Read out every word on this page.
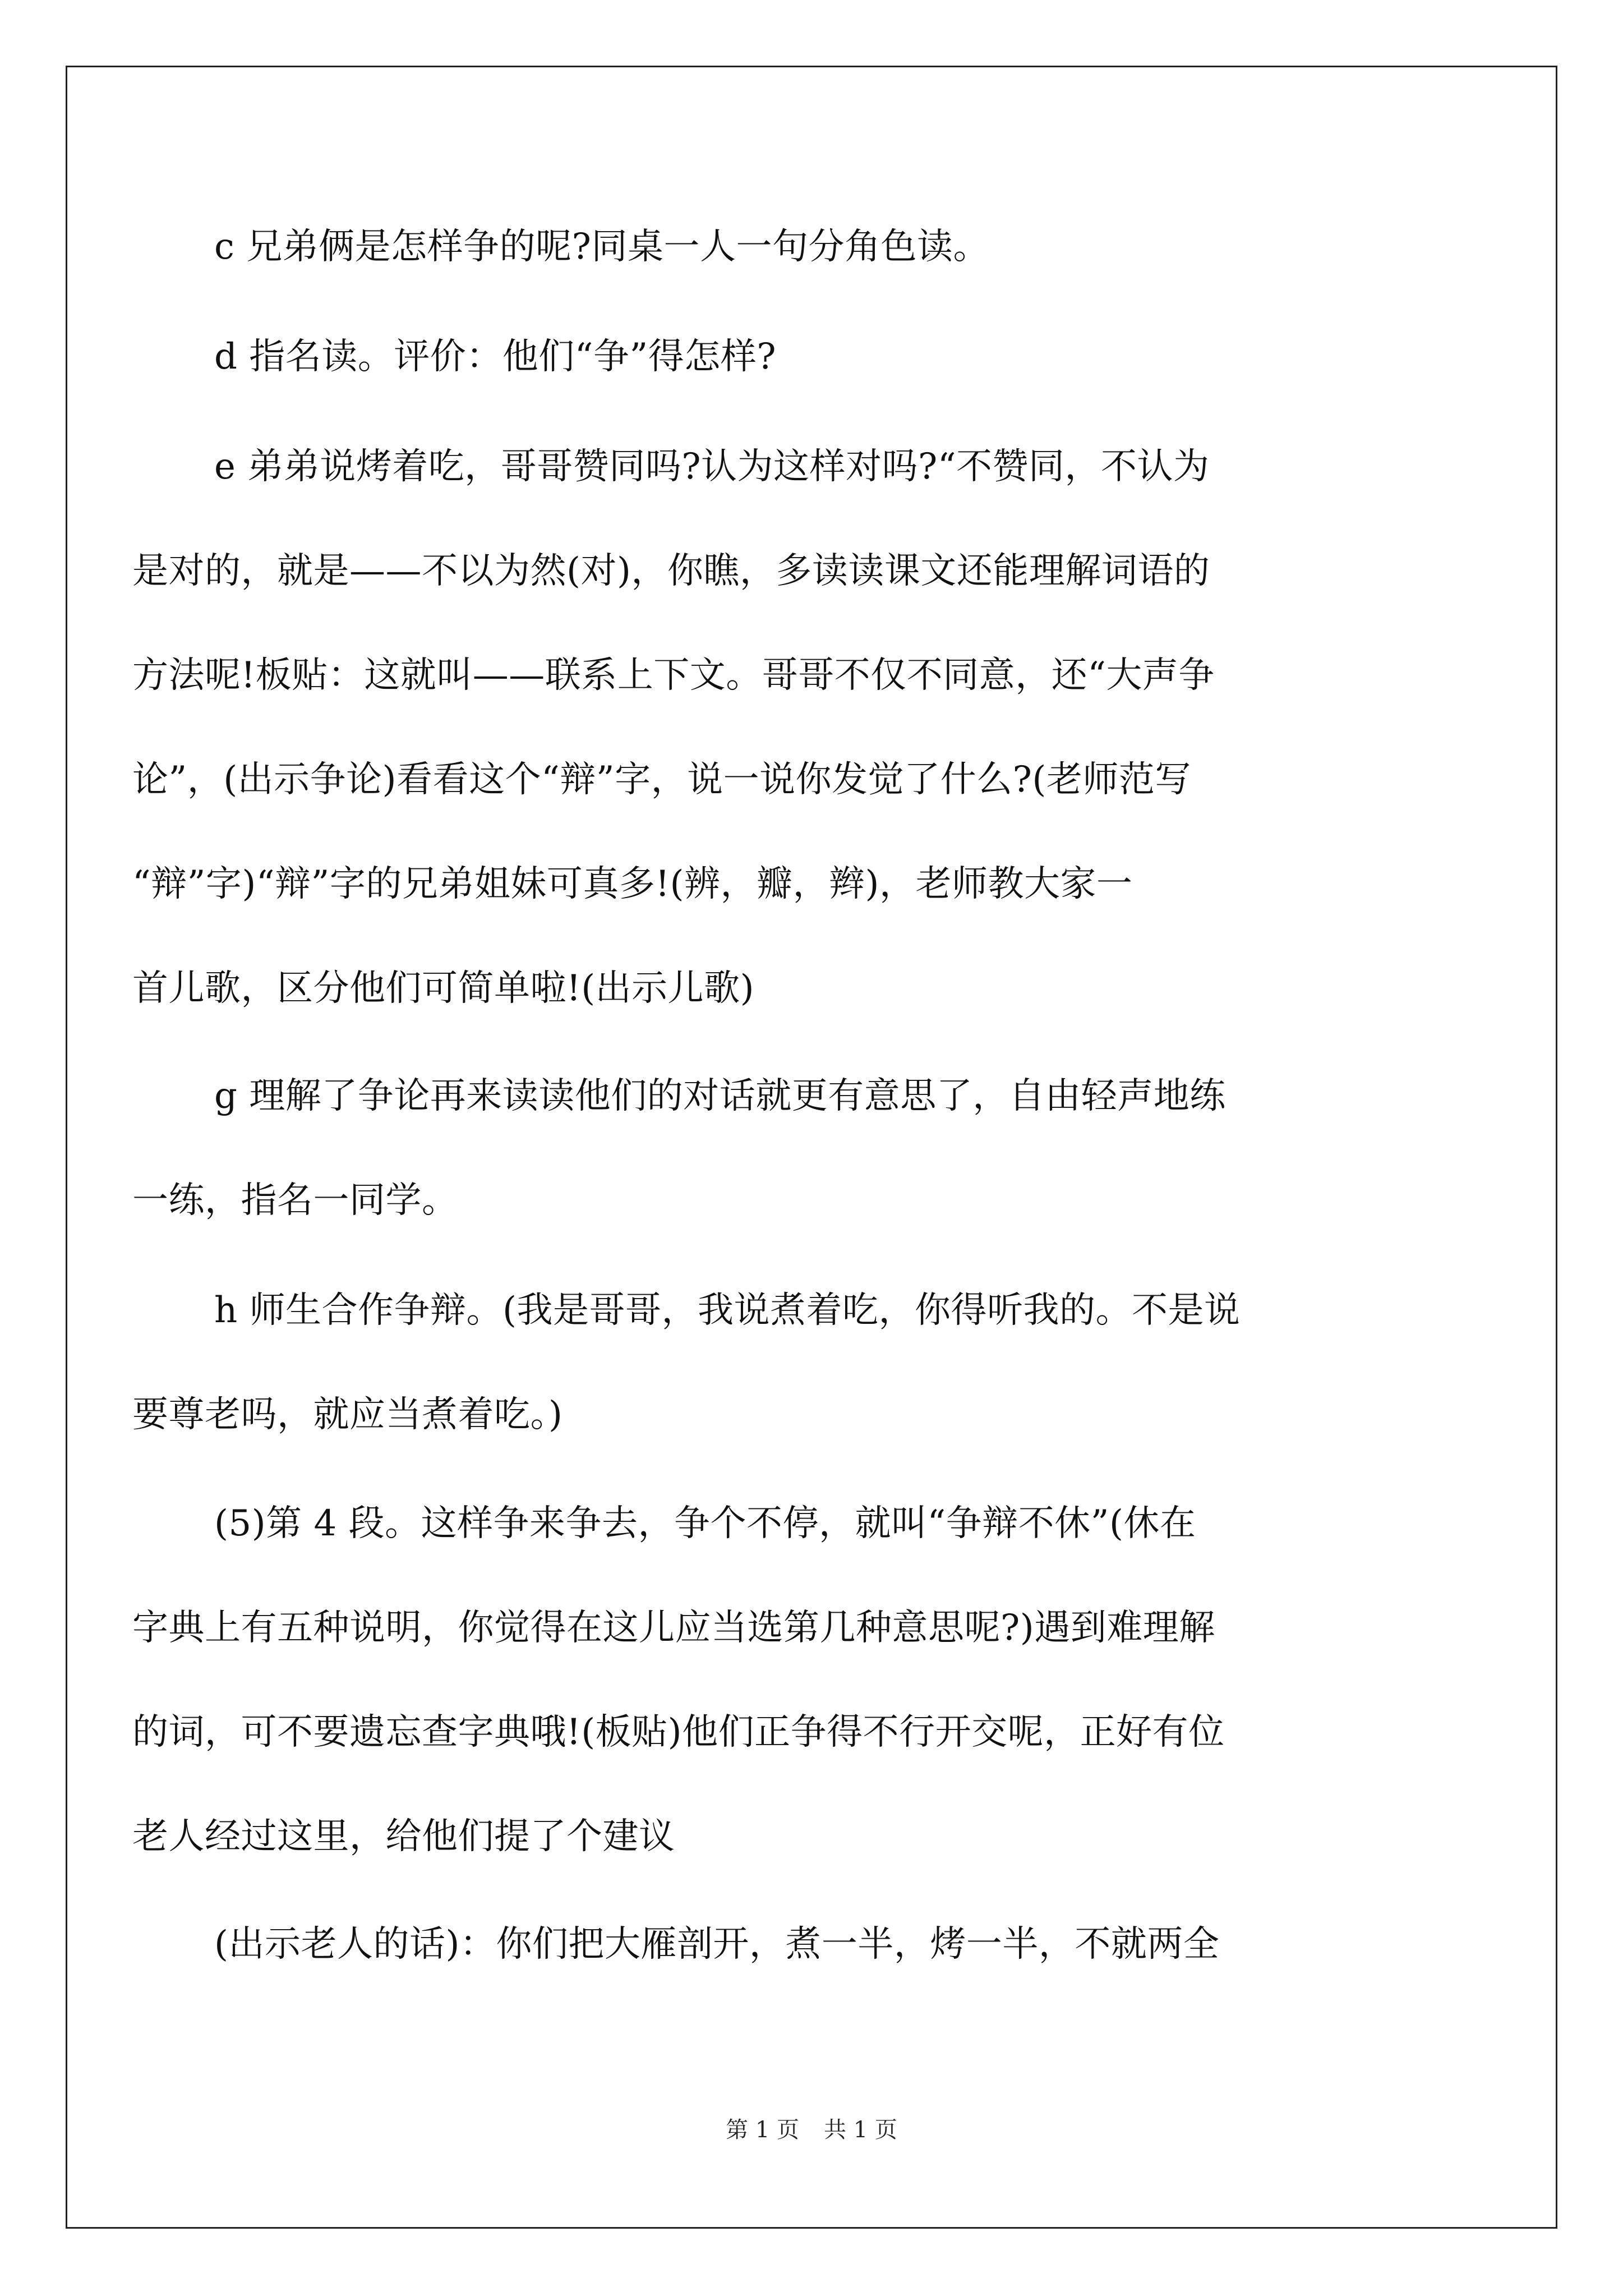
c 兄弟俩是怎样争的呢?同桌一人一句分角色读。
d 指名读。评价：他们“争”得怎样?
e 弟弟说烤着吃，哥哥赞同吗?认为这样对吗?“不赞同，不认为
是对的，就是——不以为然(对)，你瞧，多读读课文还能理解词语的
方法呢!板贴：这就叫——联系上下文。哥哥不仅不同意，还“大声争
论”，(出示争论)看看这个“辩”字，说一说你发觉了什么?(老师范写
“辩”字)“辩”字的兄弟姐妹可真多!(辨，瓣，辫)，老师教大家一
首儿歌，区分他们可简单啦!(出示儿歌)
g 理解了争论再来读读他们的对话就更有意思了，自由轻声地练
一练，指名一同学。
h 师生合作争辩。(我是哥哥，我说煮着吃，你得听我的。不是说
要尊老吗，就应当煮着吃。)
(5)第 4 段。这样争来争去，争个不停，就叫“争辩不休”(休在
字典上有五种说明，你觉得在这儿应当选第几种意思呢?)遇到难理解
的词，可不要遗忘查字典哦!(板贴)他们正争得不行开交呢，正好有位
老人经过这里，给他们提了个建议
(出示老人的话)：你们把大雁剖开，煮一半，烤一半，不就两全
第 1 页 共 1 页
